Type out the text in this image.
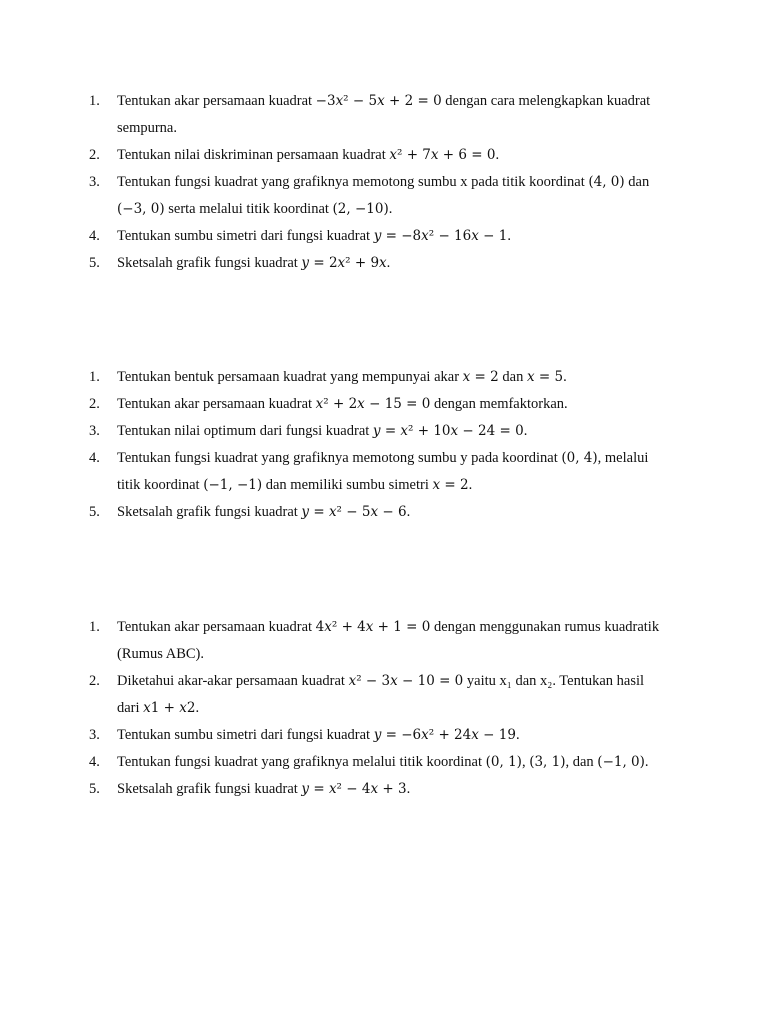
1. Tentukan akar persamaan kuadrat −3𝑥² − 5𝑥 + 2 = 0 dengan cara melengkapkan kuadrat
sempurna.
2. Tentukan nilai diskriminan persamaan kuadrat 𝑥² + 7𝑥 + 6 = 0.
3. Tentukan fungsi kuadrat yang grafiknya memotong sumbu x pada titik koordinat (4, 0) dan
(−3, 0) serta melalui titik koordinat (2, −10).
4. Tentukan sumbu simetri dari fungsi kuadrat 𝑦 = −8𝑥² − 16𝑥 − 1.
5. Sketsalah grafik fungsi kuadrat 𝑦 = 2𝑥² + 9𝑥.
1. Tentukan bentuk persamaan kuadrat yang mempunyai akar 𝑥 = 2 dan 𝑥 = 5.
2. Tentukan akar persamaan kuadrat 𝑥² + 2𝑥 − 15 = 0 dengan memfaktorkan.
3. Tentukan nilai optimum dari fungsi kuadrat 𝑦 = 𝑥² + 10𝑥 − 24 = 0.
4. Tentukan fungsi kuadrat yang grafiknya memotong sumbu y pada koordinat (0, 4), melalui
titik koordinat (−1, −1) dan memiliki sumbu simetri 𝑥 = 2.
5. Sketsalah grafik fungsi kuadrat 𝑦 = 𝑥² − 5𝑥 − 6.
1. Tentukan akar persamaan kuadrat 4𝑥² + 4𝑥 + 1 = 0 dengan menggunakan rumus kuadratik
(Rumus ABC).
2. Diketahui akar-akar persamaan kuadrat 𝑥² − 3𝑥 − 10 = 0 yaitu x₁ dan x₂. Tentukan hasil
dari 𝑥1 + 𝑥2.
3. Tentukan sumbu simetri dari fungsi kuadrat 𝑦 = −6𝑥² + 24𝑥 − 19.
4. Tentukan fungsi kuadrat yang grafiknya melalui titik koordinat (0, 1), (3, 1), dan (−1, 0).
5. Sketsalah grafik fungsi kuadrat 𝑦 = 𝑥² − 4𝑥 + 3.
